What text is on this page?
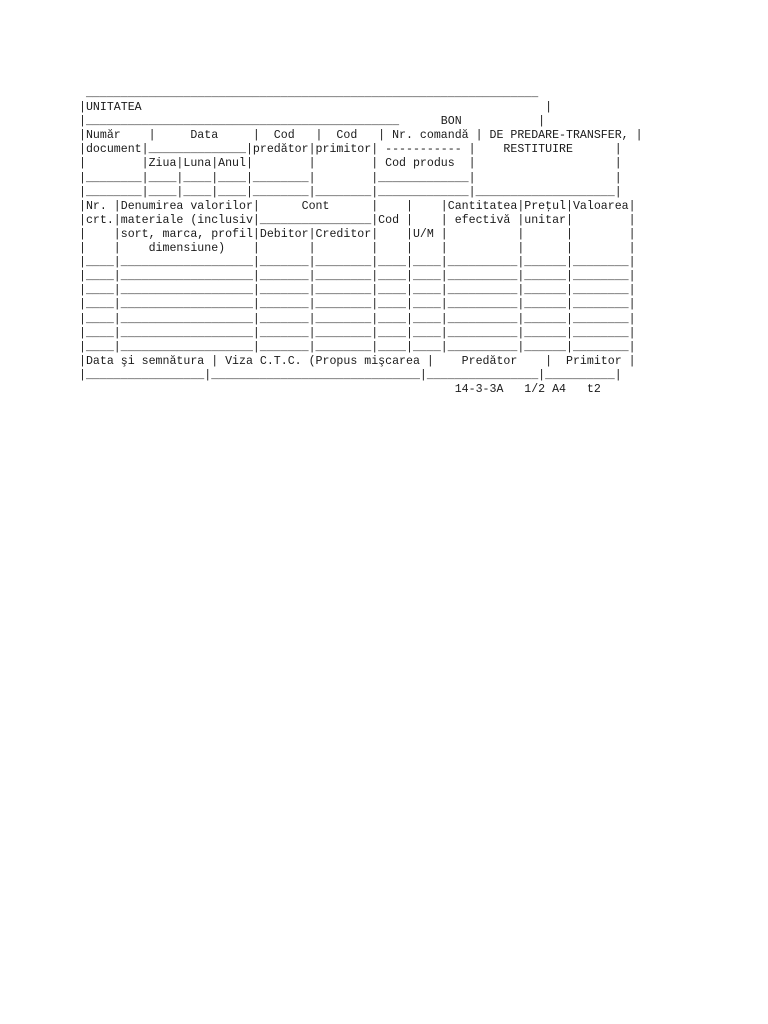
_________________________________________________________________
|UNITATEA                                                          |
|_____________________________________________      BON           |
|Număr    |     Data     |  Cod   |  Cod   | Nr. comandă | DE PREDARE-TRANSFER, |
|document|______________|predător|primitor| ----------- |    RESTITUIRE      |
|        |Ziua|Luna|Anul|        |        | Cod produs  |                    |
|________|____|____|____|________|        |_____________|                    |
|________|____|____|____|________|________|_____________|____________________|
|Nr. |Denumirea valorilor|      Cont      |    |    |Cantitatea|Preţul|Valoarea|
|crt.|materiale (inclusiv|________________|Cod |    | efectivă |unitar|        |
|    |sort, marca, profil|Debitor|Creditor|    |U/M |          |      |        |
|    |    dimensiune)    |       |        |    |    |          |      |        |
|____|___________________|_______|________|____|____|__________|______|________|
|____|___________________|_______|________|____|____|__________|______|________|
|____|___________________|_______|________|____|____|__________|______|________|
|____|___________________|_______|________|____|____|__________|______|________|
|____|___________________|_______|________|____|____|__________|______|________|
|____|___________________|_______|________|____|____|__________|______|________|
|____|___________________|_______|________|____|____|__________|______|________|
|Data şi semnătura | Viza C.T.C. (Propus mişcarea |    Predător    |  Primitor |
|_________________|______________________________|________________|__________|
14-3-3A   1/2 A4   t2
